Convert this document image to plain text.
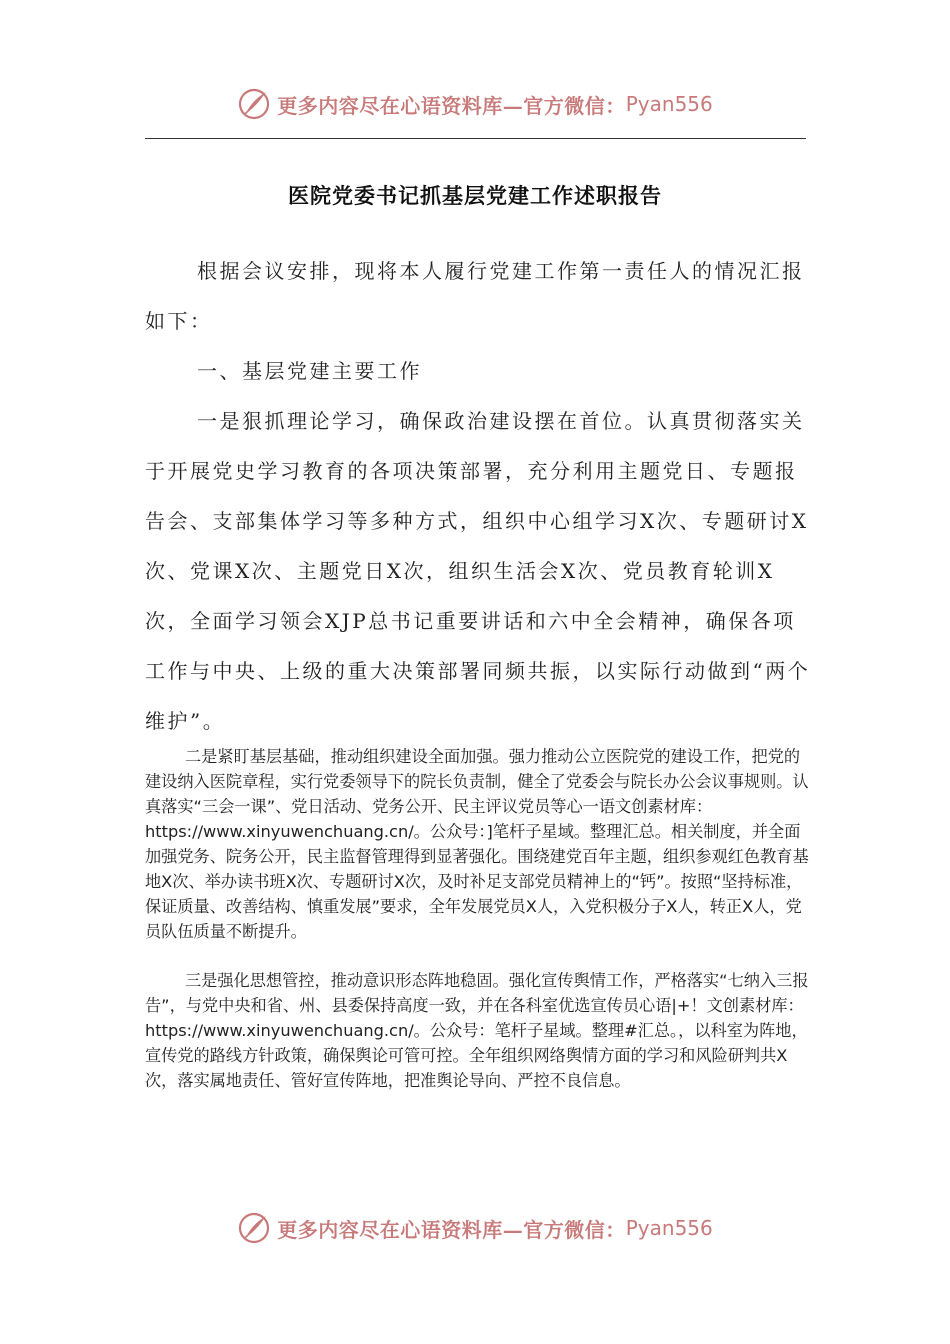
更多内容尽在心语资料库—官方微信： Pyan556
医院党委书记抓基层党建工作述职报告

根据会议安排，现将本人履行党建工作第一责任人的情况汇报如下：

一、基层党建主要工作

一是狠抓理论学习，确保政治建设摆在首位。认真贯彻落实关于开展党史学习教育的各项决策部署，充分利用主题党日、专题报告会、支部集体学习等多种方式，组织中心组学习X次、专题研讨X次、党课X次、主题党日X次，组织生活会X次、党员教育轮训X次，全面学习领会XJP总书记重要讲话和六中全会精神，确保各项工作与中央、上级的重大决策部署同频共振，以实际行动做到“两个维护”。

二是紧盯基层基础，推动组织建设全面加强。强力推动公立医院党的建设工作，把党的建设纳入医院章程，实行党委领导下的院长负责制，健全了党委会与院长办公会议事规则。认真落实“三会一课”、党日活动、党务公开、民主评议党员等心一语文创素材库：https://www.xinyuwenchuang.cn/。公众号：]笔杆子星域。整理汇总。相关制度，并全面加强党务、院务公开，民主监督管理得到显著强化。围绕建党百年主题，组织参观红色教育基地X次、举办读书班X次、专题研讨X次，及时补足支部党员精神上的“钙”。按照“坚持标准，保证质量、改善结构、慎重发展”要求，全年发展党员X人，入党积极分子X人，转正X人，党员队伍质量不断提升。

三是强化思想管控，推动意识形态阵地稳固。强化宣传舆情工作，严格落实“七纳入三报告”，与党中央和省、州、县委保持高度一致，并在各科室优选宣传员心语|+！文创素材库：https://www.xinyuwenchuang.cn/。公众号：笔杆子星域。整理#汇总。，以科室为阵地，宣传党的路线方针政策，确保舆论可管可控。全年组织网络舆情方面的学习和风险研判共X次，落实属地责任、管好宣传阵地，把准舆论导向、严控不良信息。

更多内容尽在心语资料库—官方微信： Pyan556
